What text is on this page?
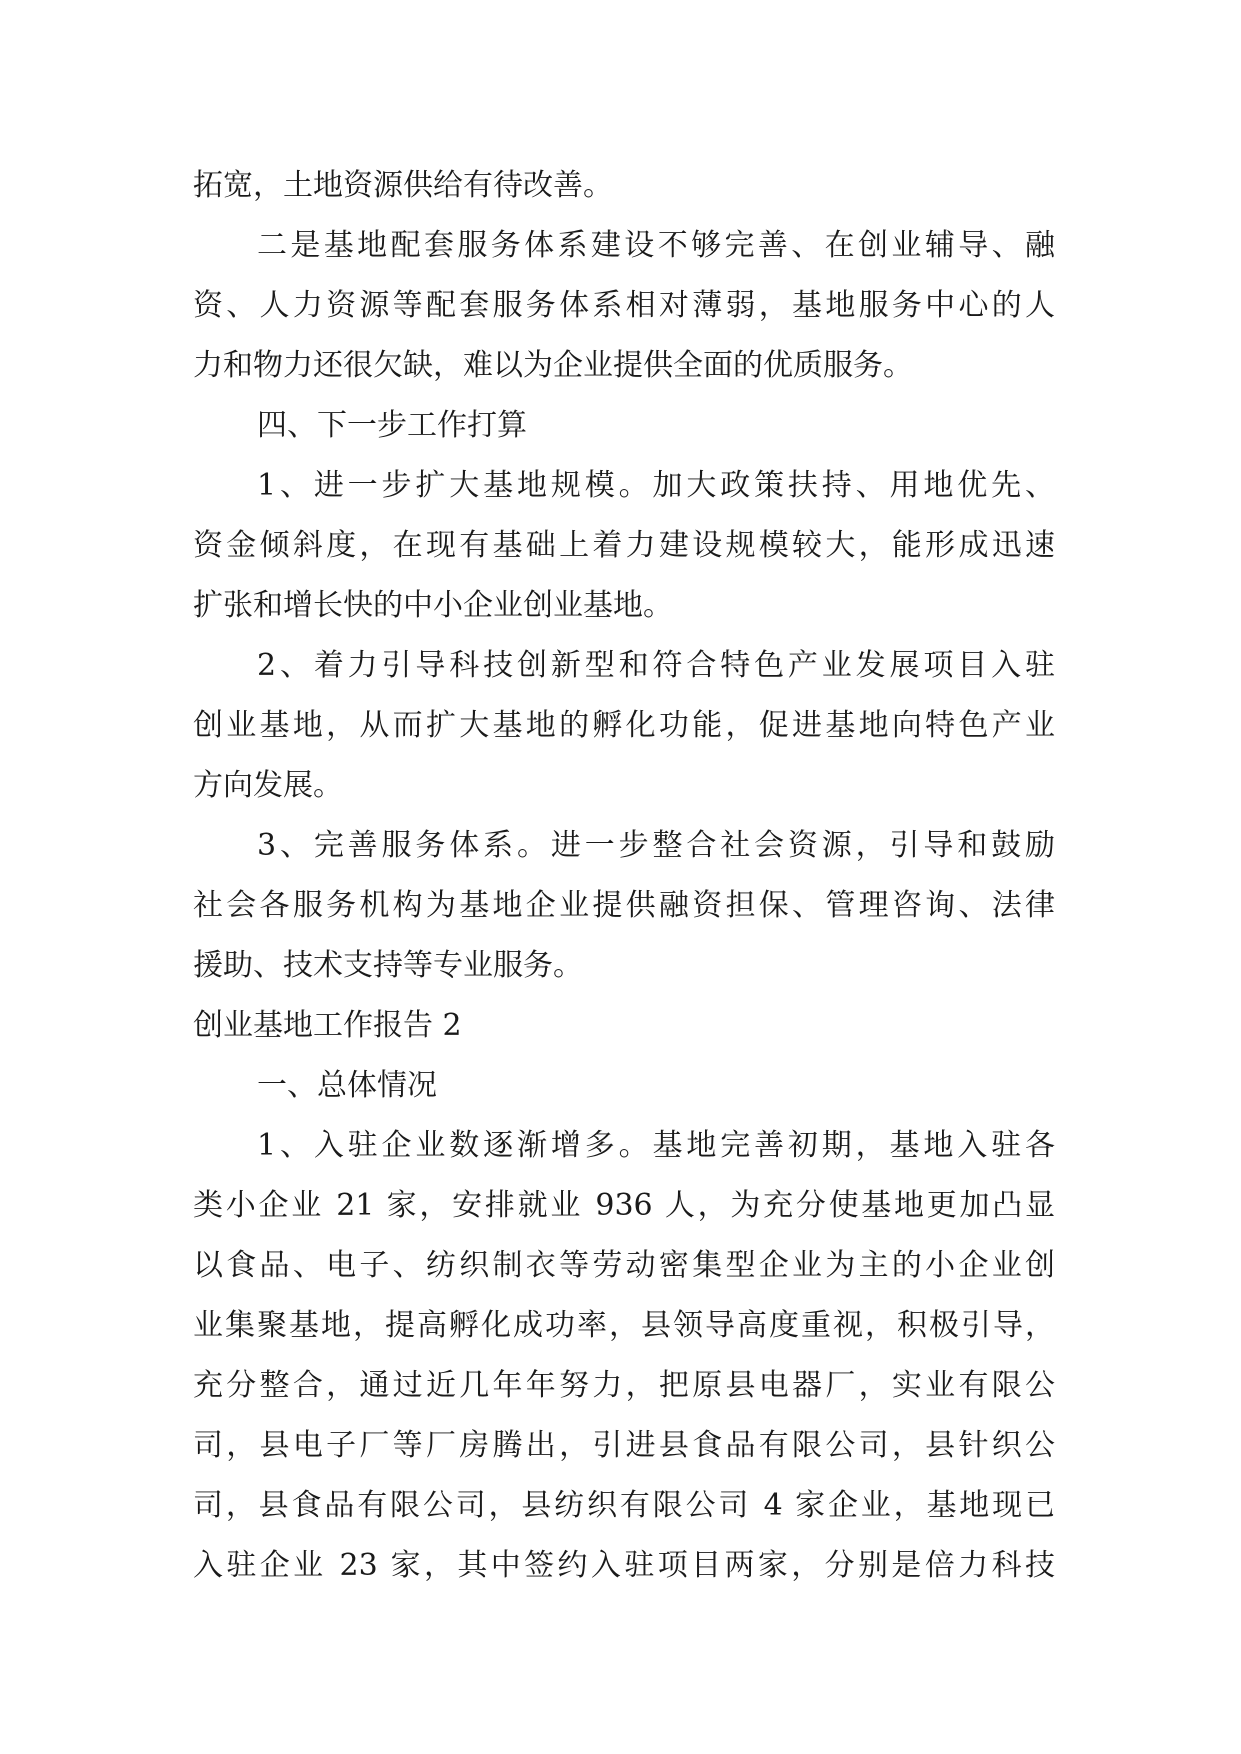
拓宽，土地资源供给有待改善。
二是基地配套服务体系建设不够完善、在创业辅导、融
资、人力资源等配套服务体系相对薄弱，基地服务中心的人
力和物力还很欠缺，难以为企业提供全面的优质服务。
四、下一步工作打算
1、进一步扩大基地规模。加大政策扶持、用地优先、
资金倾斜度，在现有基础上着力建设规模较大，能形成迅速
扩张和增长快的中小企业创业基地。
2、着力引导科技创新型和符合特色产业发展项目入驻
创业基地，从而扩大基地的孵化功能，促进基地向特色产业
方向发展。
3、完善服务体系。进一步整合社会资源，引导和鼓励
社会各服务机构为基地企业提供融资担保、管理咨询、法律
援助、技术支持等专业服务。
创业基地工作报告 2
一、总体情况
1、入驻企业数逐渐增多。基地完善初期，基地入驻各
类小企业 21 家，安排就业 936 人，为充分使基地更加凸显
以食品、电子、纺织制衣等劳动密集型企业为主的小企业创
业集聚基地，提高孵化成功率，县领导高度重视，积极引导，
充分整合，通过近几年年努力，把原县电器厂，实业有限公
司，县电子厂等厂房腾出，引进县食品有限公司，县针织公
司，县食品有限公司，县纺织有限公司 4 家企业，基地现已
入驻企业 23 家，其中签约入驻项目两家，分别是倍力科技
